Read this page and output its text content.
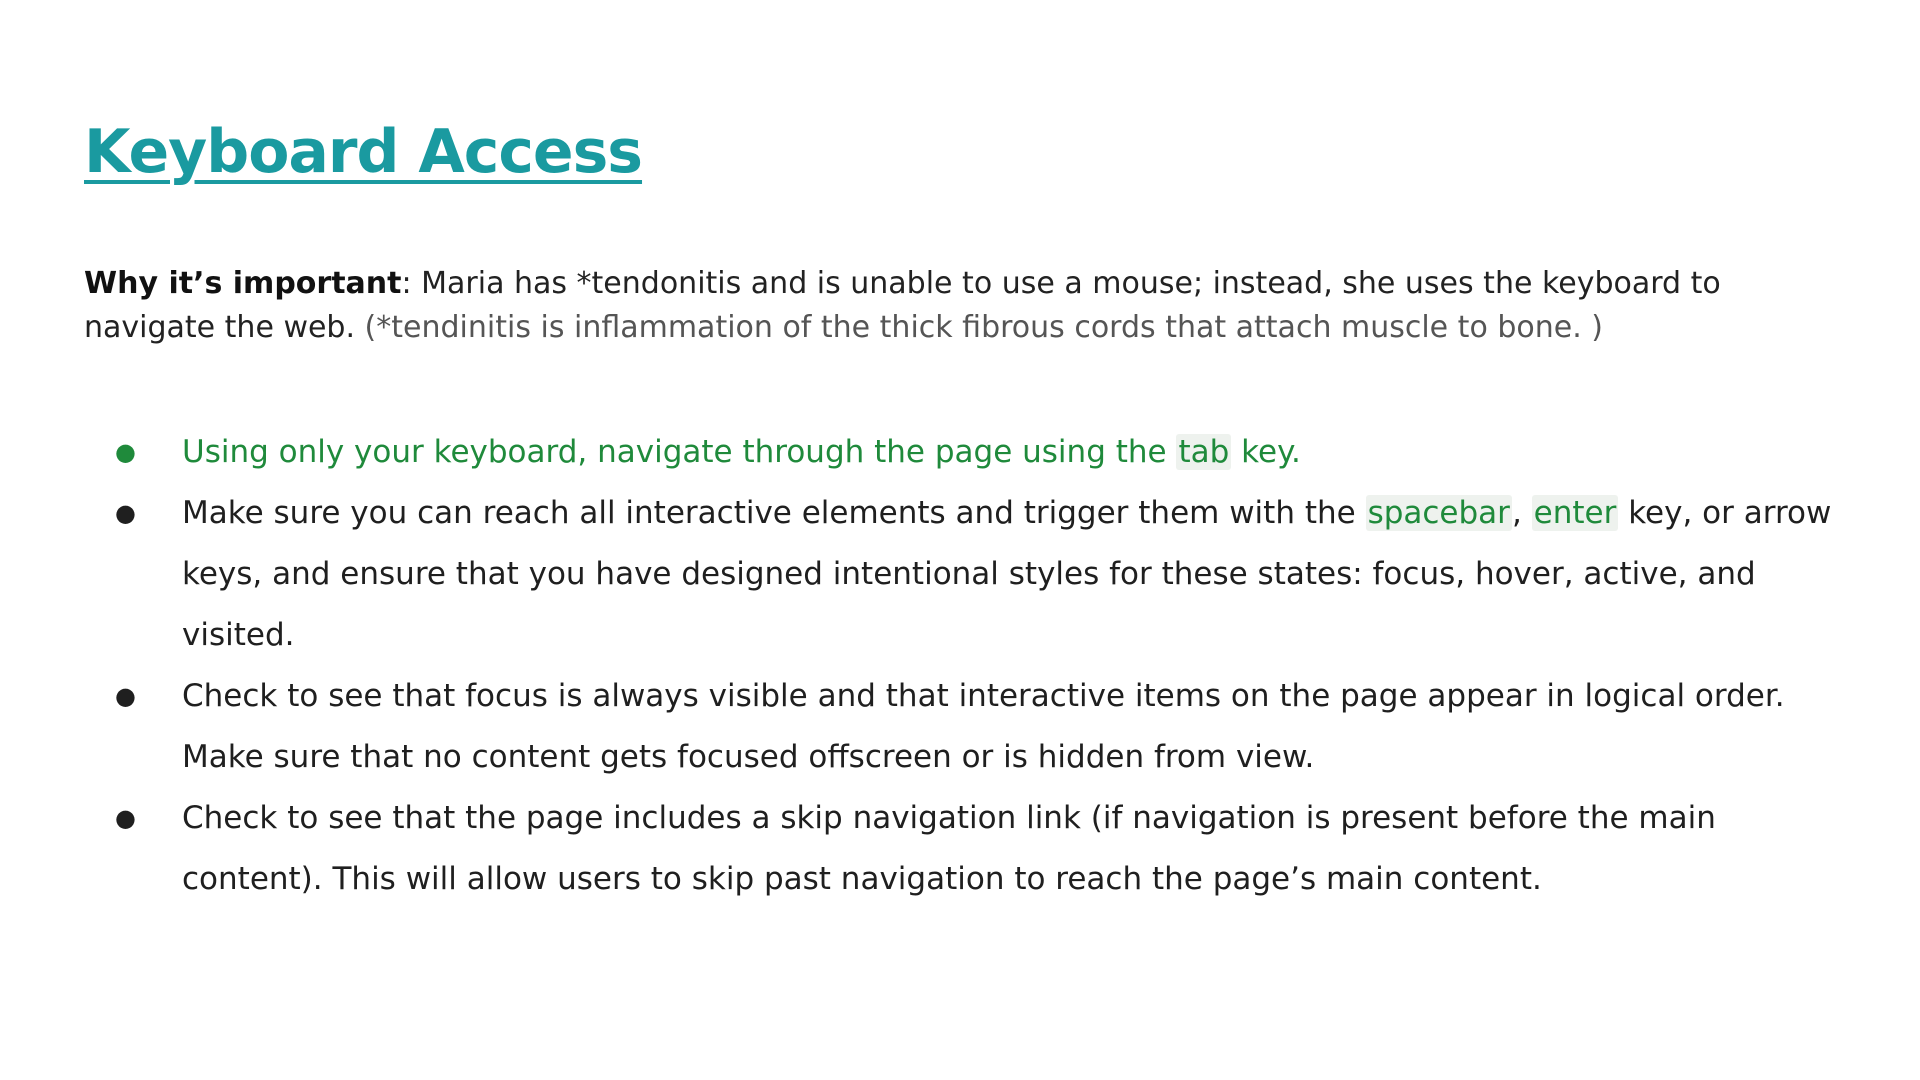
Keyboard Access

Why it’s important: Maria has *tendonitis and is unable to use a mouse; instead, she uses the keyboard to navigate the web. (*tendinitis is inflammation of the thick fibrous cords that attach muscle to bone. )

● Using only your keyboard, navigate through the page using the tab key.
● Make sure you can reach all interactive elements and trigger them with the spacebar, enter key, or arrow keys, and ensure that you have designed intentional styles for these states: focus, hover, active, and visited.
● Check to see that focus is always visible and that interactive items on the page appear in logical order. Make sure that no content gets focused offscreen or is hidden from view.
● Check to see that the page includes a skip navigation link (if navigation is present before the main content). This will allow users to skip past navigation to reach the page’s main content.
